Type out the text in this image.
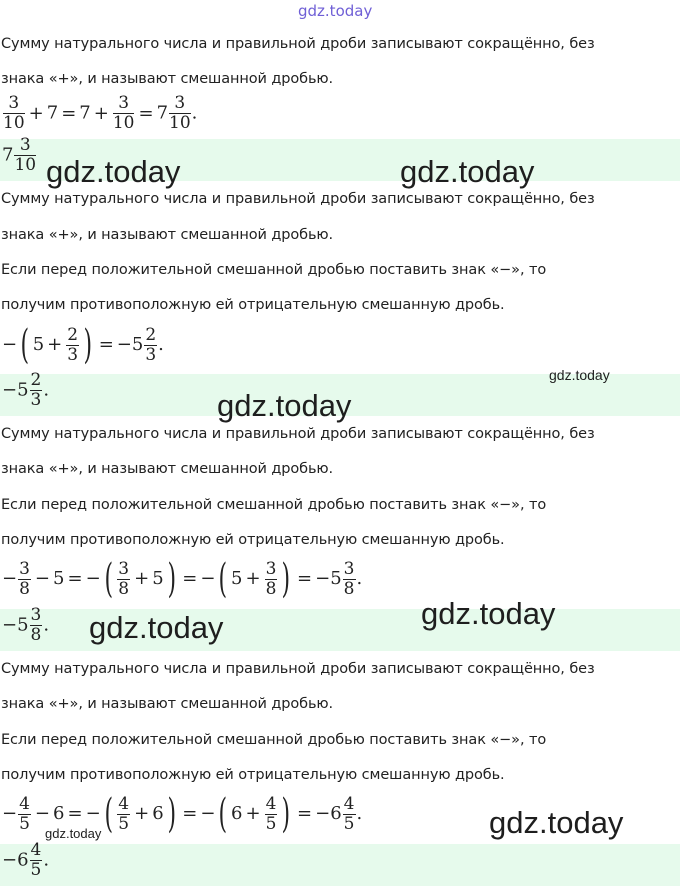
gdz.today
Сумму натурального числа и правильной дроби записывают сокращённо, без
знака «+», и называют смешанной дробью.
$\frac{3}{10} + 7 = 7 + \frac{3}{10} = 7 \frac{3}{10}$ .
$7 \frac{3}{10}$ gdz.today	gdz.today
Сумму натурального числа и правильной дроби записывают сокращённо, без
знака «+», и называют смешанной дробью.
Если перед положительной смешанной дробью поставить знак «−», то
получим противоположную ей отрицательную смешанную дробь.
−( $5 + \frac{2}{3}$ ) = $-5 \frac{2}{3}$ .
$-5 \frac{2}{3}$ .
gdz.today
gdz.today
Сумму натурального числа и правильной дроби записывают сокращённо, без
знака «+», и называют смешанной дробью.
Если перед положительной смешанной дробью поставить знак «−», то
получим противоположную ей отрицательную смешанную дробь.
− $\frac{3}{8} - 5$ = −( $\frac{3}{8} + 5$) = −( $5 + \frac{3}{8}$ ) = $-5 \frac{3}{8}$ .
$-5 \frac{3}{8}$ .	gdz.today
gdz.today
Сумму натурального числа и правильной дроби записывают сокращённо, без
знака «+», и называют смешанной дробью.
Если перед положительной смешанной дробью поставить знак «−», то
получим противоположную ей отрицательную смешанную дробь.
− $\frac{4}{5} - 6$ = −( $\frac{4}{5} + 6$) = −( $6 + \frac{4}{5}$ ) = $-6 \frac{4}{5}$ .
gdz.today	gdz.today
$-6 \frac{4}{5}$ .
